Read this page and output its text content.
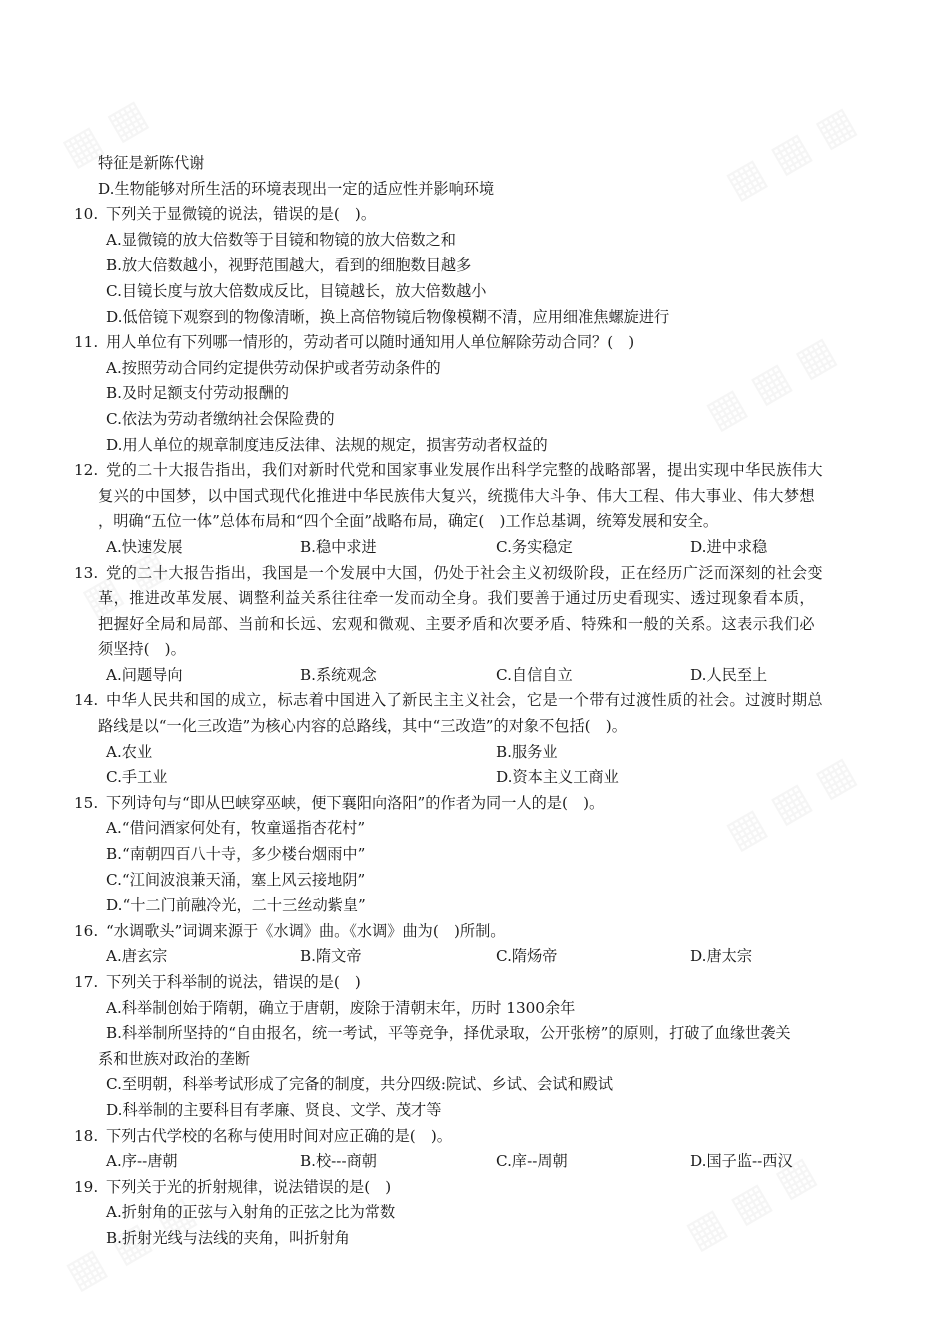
特征是新陈代谢
D.生物能够对所生活的环境表现出一定的适应性并影响环境
10. 下列关于显微镜的说法，错误的是(　)。
A.显微镜的放大倍数等于目镜和物镜的放大倍数之和
B.放大倍数越小，视野范围越大，看到的细胞数目越多
C.目镜长度与放大倍数成反比，目镜越长，放大倍数越小
D.低倍镜下观察到的物像清晰，换上高倍物镜后物像模糊不清，应用细准焦螺旋进行
11. 用人单位有下列哪一情形的，劳动者可以随时通知用人单位解除劳动合同？(　)
A.按照劳动合同约定提供劳动保护或者劳动条件的
B.及时足额支付劳动报酬的
C.依法为劳动者缴纳社会保险费的
D.用人单位的规章制度违反法律、法规的规定，损害劳动者权益的
12. 党的二十大报告指出，我们对新时代党和国家事业发展作出科学完整的战略部署，提出实现中华民族伟大
复兴的中国梦，以中国式现代化推进中华民族伟大复兴，统揽伟大斗争、伟大工程、伟大事业、伟大梦想
，明确“五位一体”总体布局和“四个全面”战略布局，确定(　)工作总基调，统筹发展和安全。
A.快速发展	B.稳中求进	C.务实稳定	D.进中求稳
13. 党的二十大报告指出，我国是一个发展中大国，仍处于社会主义初级阶段，正在经历广泛而深刻的社会变
革，推进改革发展、调整利益关系往往牵一发而动全身。我们要善于通过历史看现实、透过现象看本质，
把握好全局和局部、当前和长远、宏观和微观、主要矛盾和次要矛盾、特殊和一般的关系。这表示我们必
须坚持(　)。
A.问题导向	B.系统观念	C.自信自立	D.人民至上
14. 中华人民共和国的成立，标志着中国进入了新民主主义社会，它是一个带有过渡性质的社会。过渡时期总
路线是以“一化三改造”为核心内容的总路线，其中“三改造”的对象不包括(　)。
A.农业	B.服务业
C.手工业	D.资本主义工商业
15. 下列诗句与“即从巴峡穿巫峡，便下襄阳向洛阳”的作者为同一人的是(　)。
A.“借问酒家何处有，牧童遥指杏花村”
B.“南朝四百八十寺，多少楼台烟雨中”
C.“江间波浪兼天涌，塞上风云接地阴”
D.“十二门前融冷光，二十三丝动紫皇”
16. “水调歌头”词调来源于《水调》曲。《水调》曲为(　)所制。
A.唐玄宗	B.隋文帝	C.隋炀帝	D.唐太宗
17. 下列关于科举制的说法，错误的是(　)
A.科举制创始于隋朝，确立于唐朝，废除于清朝末年，历时 1300余年
B.科举制所坚持的“自由报名，统一考试，平等竞争，择优录取，公开张榜”的原则，打破了血缘世袭关
系和世族对政治的垄断
C.至明朝，科举考试形成了完备的制度，共分四级:院试、乡试、会试和殿试
D.科举制的主要科目有孝廉、贤良、文学、茂才等
18. 下列古代学校的名称与使用时间对应正确的是(　)。
A.序--唐朝	B.校---商朝	C.庠--周朝	D.国子监--西汉
19. 下列关于光的折射规律，说法错误的是(　)
A.折射角的正弦与入射角的正弦之比为常数
B.折射光线与法线的夹角，叫折射角
